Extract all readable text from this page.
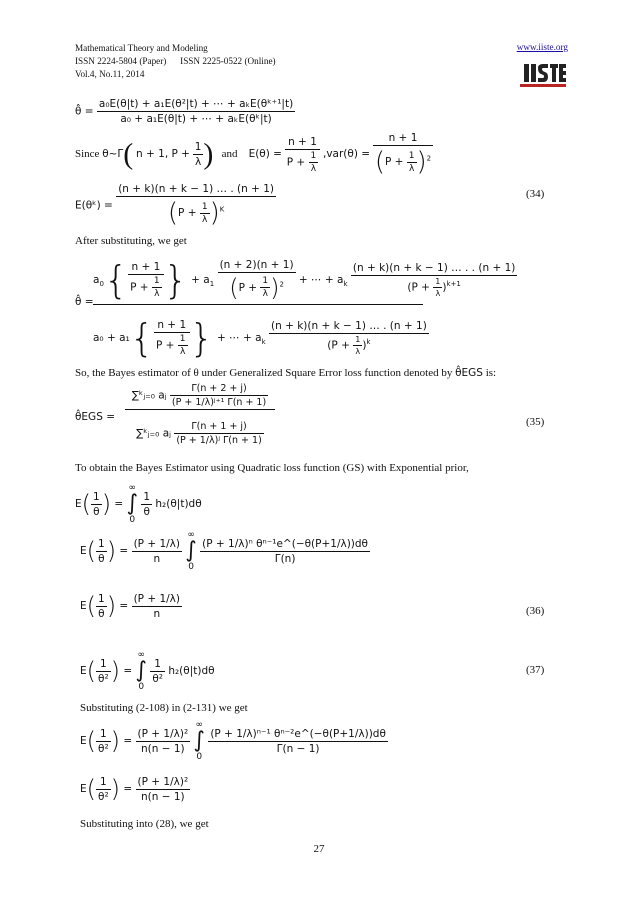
Mathematical Theory and Modeling
ISSN 2224-5804 (Paper)      ISSN 2225-0522 (Online)
Vol.4, No.11, 2014
www.iiste.org
θ̂ = $\frac{\text{a₀E(θ|t) + a₁E(θ²|t) + ⋯ + aₖE(θᵏ⁺¹|t)}}{\text{a₀ + a₁E(θ|t) + ⋯ + aₖE(θᵏ|t)}}$
Since θ~Γ( n + 1, $P + \frac{1}{\lambda}$ ) and $E(\theta) = \frac{n + 1}{P + \frac{1}{\lambda}} ,var(\theta) = \frac{n + 1}{(P + \frac{1}{\lambda} )^2}$
E(θᵏ) = $\frac{(n + k)(n + k - 1) \dots . (n + 1)}{(P + \frac{1}{\lambda} )^K}$	(34)
After substituting, we get
θ̂ =
$a_0\{ \frac{n + 1}{P + \frac{1}{\lambda}}$ } + $a_1 \frac{(n + 2)(n + 1)}{(P + \frac{1}{\lambda} )^2}$ + ⋯ + $a_k \frac{(n + k)(n + k - 1) \dots . . (n + 1)}{(P + \frac{1}{\lambda} )^{k+1}}$
$a_0 + a_1\{ \frac{n + 1}{P + \frac{1}{\lambda}}$ } + ⋯ + $a_k \frac{(n + k)(n + k - 1) \dots . (n + 1)}{(P + \frac{1}{\lambda} )^k}$
So, the Bayes estimator of θ under Generalized Square Error loss function denoted by θ̂EGS is:
θ̂EGS =
∑ᵏⱼ₌₀ aⱼ $\frac{\Gamma(n + 2 + j)}{\text{(P + 1/λ)ʲ⁺¹ Γ(n + 1)}}$
∑ᵏⱼ₌₀ aⱼ $\frac{\Gamma(n + 1 + j)}{\text{(P + 1/λ)ʲ Γ(n + 1)}}$	(35)
To obtain the Bayes Estimator using Quadratic loss function (GS) with Exponential prior,
$E( \frac{1}{\theta}$ ) = ∞
∫
0
$\frac{1}{\theta} h_2(\theta|t)d\theta$
$E( \frac{1}{\theta}$ ) = $\frac{(P + 1/\lambda)}{n}$
∞
∫
0
$\frac{\text{(P + 1/λ)ⁿ θⁿ⁻¹e\textasciicircum{}(−θ(P+1/λ))dθ}}{\Gamma(n)}$
$E( \frac{1}{\theta}$ ) = $\frac{(P + 1/\lambda)}{n}$	(36)
$E( \frac{1}{\text{θ²}}$ ) = ∞
∫
0
$\frac{1}{\text{θ²}} h_2(\theta|t)d\theta$	(37)
Substituting (2-108) in (2-131) we get
$E( \frac{1}{\text{θ²}}$ ) = $\frac{\text{(P + 1/λ)²}}{n(n - 1)}$
∞
∫
0
$\frac{\text{(P + 1/λ)ⁿ⁻¹ θⁿ⁻²e\textasciicircum{}(−θ(P+1/λ))dθ}}{\Gamma(n - 1)}$
$E( \frac{1}{\text{θ²}}$ ) = $\frac{\text{(P + 1/λ)²}}{n(n - 1)}$
Substituting into (28), we get
27
